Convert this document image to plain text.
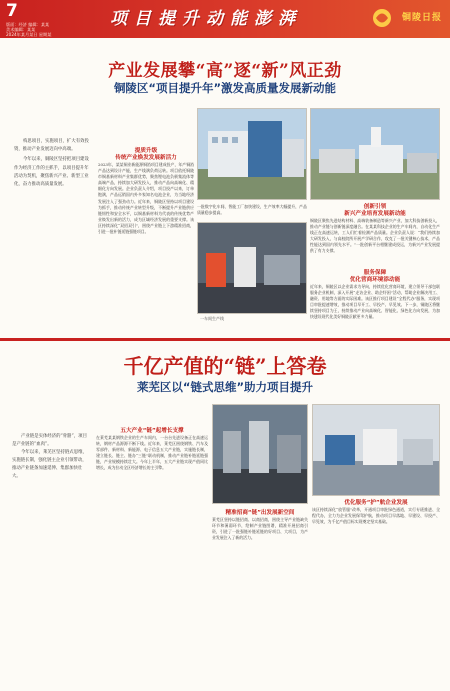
7
版面：经济 编辑：某某
美术编辑：某某
2024年某月某日 星期某
项目提升动能澎湃	铜陵日报
产业发展攀“高”逐“新”风正劲
铜陵区“项目提升年”激发高质量发展新动能

构思项目，实施项目，扩大有效投资，推动产业发展迈向中高端。

今年以来，铜陵区坚持把项目建设作为经济工作的主抓手，以项目提升年活动为契机，聚焦新兴产业、新型工业化，奋力推动高质量发展。

提质升级
传统产业焕发发展新活力
2023年，某某铜业新能源铜箔项目建成投产，年产铜箔产品达到设计产能，生产线满负荷运转。项目依托铜陵市铜基新材料产业集群优势，聚焦锂电池负极集流体等高端产品，持续加大研发投入，推动产品向高端化、精细化方向发展。企业负责人介绍，项目投产以来，订单饱满，产品远销国内外多家知名电池企业，为当地经济发展注入了强劲动力。近年来，铜陵区坚持以项目建设为抓手，推动传统产业转型升级，不断提升产业链供应链韧性和安全水平，以铜基新材料为代表的传统优势产业焕发出新的活力，成为区域经济发展的重要支撑。该区持续深化“双招双引”，围绕产业链上下游精准招商，引进一批补链延链强链项目。
一批数字化车间、智能工厂加快建设，生产效率大幅提升，产品质量稳步提高。
一车间生产线
创新引领
新兴产业培育发展新动能
铜陵区聚焦先进结构材料、高端装备制造等新兴产业，加大科技创新投入，推动产业链与创新链深度融合。在某某科技企业的生产车间内，自动化生产线正在高速运转，工人们忙着检测产品质量。企业负责人说：“我们持续加大研发投入，与高校院所开展产学研合作，攻克了一批关键核心技术，产品性能达到国内领先水平。”一批创新平台相继建成投运，为新兴产业发展提供了有力支撑。
服务保障
优化营商环境添动能
近年来，铜陵区以企业需求为导向，持续优化营商环境，建立领导干部包联服务企业机制，深入开展“走访企业、助企纾困”活动，帮助企业解决用工、融资、用地等方面的实际困难。该区推行项目建设“全程代办”服务，实现项目审批提速增效，推动项目早开工、早投产、早见效。下一步，铜陵区将继续坚持项目为王，持续推动产业向高端化、智能化、绿色化方向发展，为加快建设现代化美好铜陵贡献更多力量。
千亿产值的“链”上答卷
莱芜区以“链式思维”助力项目提升

产业链是实体经济的“骨骼”，项目是产业链的“血肉”。

今年以来，莱芜区坚持链式思维，实施链长制，强化链主企业引领带动，推动产业链条加速延伸、集群加快壮大。

五大产业“链”起增长支撑
在莱芜某某钢铁企业的生产车间内，一台台先进设备正在高速运转，钢材产品源源不断下线。近年来，莱芜区围绕钢铁、汽车及零部件、新材料、新能源、电子信息五大产业链，实施链长制，建立链长、链主、链办“三链”联动机制，推动产业链补链延链强链，产业规模持续壮大。今年上半年，五大产业链实现产值同比增长，成为拉动全区经济增长的主引擎。
精准招商“链”出发展新空间
莱芜区坚持以链招商、以商招商，围绕主导产业链缺失环节和薄弱环节，绘制产业链图谱，精准开展招商引资，引进了一批强链补链延链的好项目、大项目，为产业发展注入了新的活力。
优化服务“护”航企业发展
该区持续深化“放管服”改革，开通项目审批绿色通道，实行专班推进、全程代办，全力为企业发展保驾护航，推动项目早落地、早建设、早投产、早见效，为千亿产值目标实现奠定坚实基础。
